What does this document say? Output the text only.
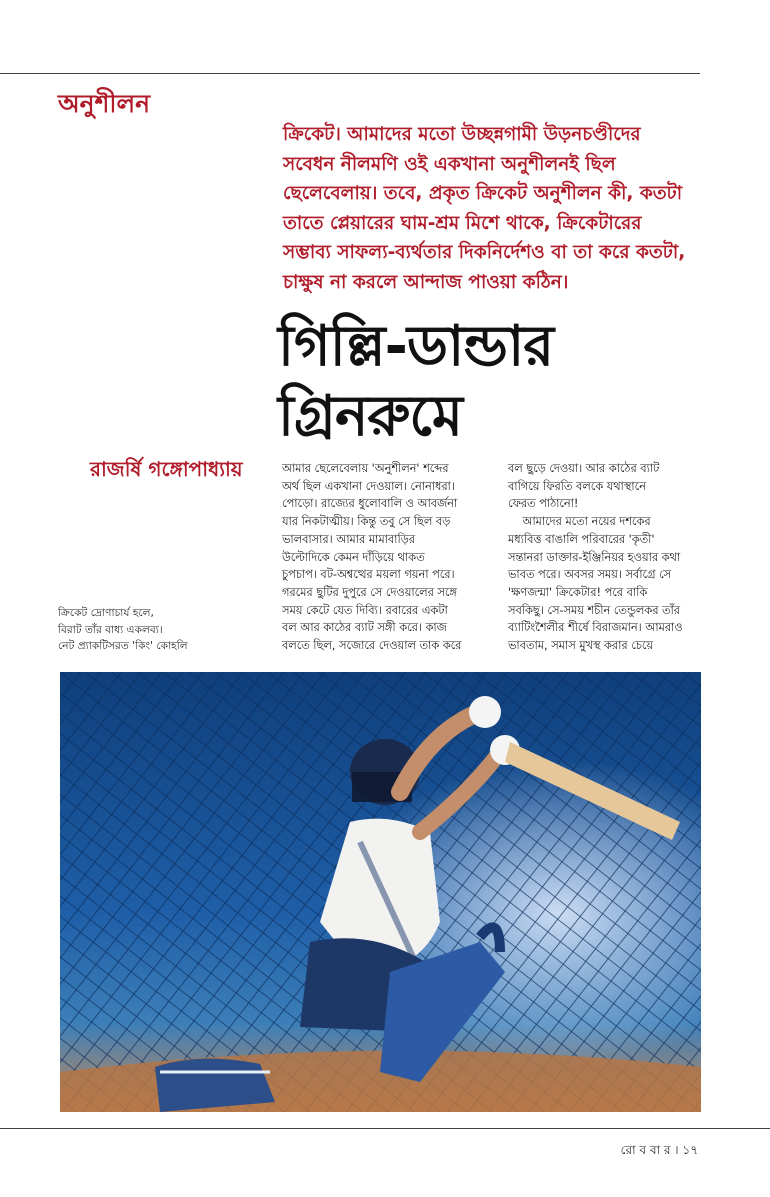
অনুশীলন

ক্রিকেট। আমাদের মতো উচ্ছন্নগামী উড়নচণ্ডীদের

সবেধন নীলমণি ওই একখানা অনুশীলনই ছিল

ছেলেবেলায়। তবে, প্রকৃত ক্রিকেট অনুশীলন কী, কতটা

তাতে প্লেয়ারের ঘাম-শ্রম মিশে থাকে, ক্রিকেটারের

সম্ভাব্য সাফল্য-ব্যর্থতার দিকনির্দেশও বা তা করে কতটা,

চাক্ষুষ না করলে আন্দাজ পাওয়া কঠিন।

গিল্লি-ডান্ডার
গ্রিনরুমে
রাজর্ষি গঙ্গোপাধ্যায়	আমার ছেলেবেলায় 'অনুশীলন' শব্দের
অর্থ ছিল একখানা দেওয়াল। নোনাধরা।
পোড়ো। রাজ্যের ধুলোবালি ও আবর্জনা
যার নিকটাত্মীয়। কিন্তু তবু সে ছিল বড়
ভালবাসার। আমার মামাবাড়ির
উল্টোদিকে কেমন দাঁড়িয়ে থাকত
চুপচাপ। বট-অশ্বত্থের ময়লা গয়না পরে।
গরমের ছুটির দুপুরে সে দেওয়ালের সঙ্গে
সময় কেটে যেত দিব্যি। রবারের একটা
বল আর কাঠের ব্যাট সঙ্গী করে। কাজ
বলতে ছিল, সজোরে দেওয়াল তাক করে
বল ছুড়ে দেওয়া। আর কাঠের ব্যাট
বাগিয়ে ফিরতি বলকে যথাস্থানে
ফেরত পাঠানো!
আমাদের মতো নয়ের দশকের
মধ্যবিত্ত বাঙালি পরিবারের 'কৃতী'
সন্তানরা ডাক্তার-ইঞ্জিনিয়র হওয়ার কথা
ভাবত পরে। অবসর সময়। সর্বাগ্রে সে
'ক্ষণজন্মা' ক্রিকেটার! পরে বাকি
সবকিছু। সে-সময় শচীন তেন্ডুলকর তাঁর
ব্যাটিংশৈলীর শীর্ষে বিরাজমান। আমরাও
ভাবতাম, সমাস মুখস্থ করার চেয়ে
ক্রিকেট দ্রোণাচার্য হলে,
বিরাট তাঁর বাধ্য একলব্য।
নেট প্র্যাকটিসরত 'কিং' কোহলি
রো ব বা র । ১৭
